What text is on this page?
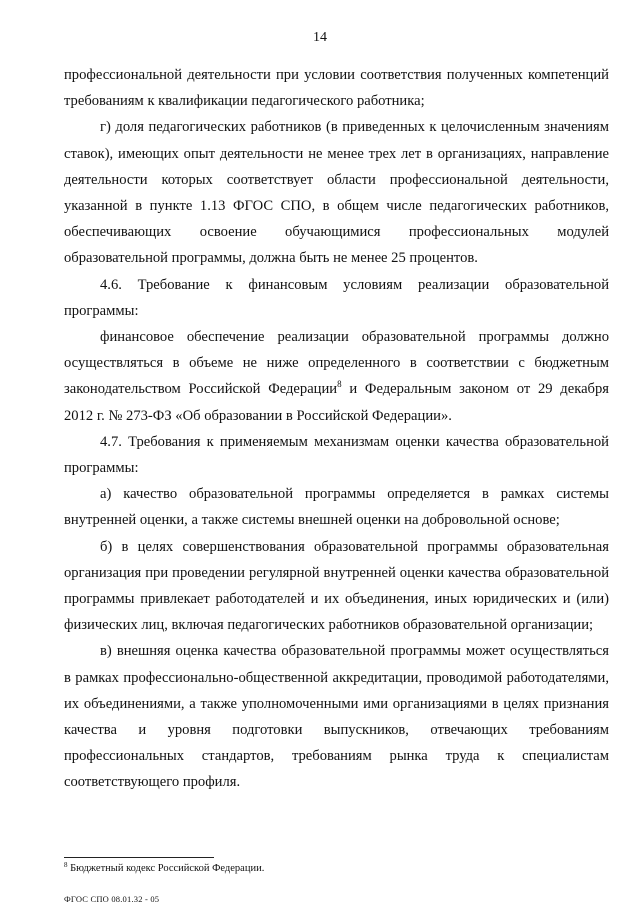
14

профессиональной деятельности при условии соответствия полученных компетенций требованиям к квалификации педагогического работника;

г) доля педагогических работников (в приведенных к целочисленным значениям ставок), имеющих опыт деятельности не менее трех лет в организациях, направление деятельности которых соответствует области профессиональной деятельности, указанной в пункте 1.13 ФГОС СПО, в общем числе педагогических работников, обеспечивающих освоение обучающимися профессиональных модулей образовательной программы, должна быть не менее 25 процентов.

4.6. Требование к финансовым условиям реализации образовательной программы:

финансовое обеспечение реализации образовательной программы должно осуществляться в объеме не ниже определенного в соответствии с бюджетным законодательством Российской Федерации$^8$ и Федеральным законом от 29 декабря 2012 г. № 273-ФЗ «Об образовании в Российской Федерации».

4.7. Требования к применяемым механизмам оценки качества образовательной программы:

а) качество образовательной программы определяется в рамках системы внутренней оценки, а также системы внешней оценки на добровольной основе;

б) в целях совершенствования образовательной программы образовательная организация при проведении регулярной внутренней оценки качества образовательной программы привлекает работодателей и их объединения, иных юридических и (или) физических лиц, включая педагогических работников образовательной организации;

в) внешняя оценка качества образовательной программы может осуществляться в рамках профессионально-общественной аккредитации, проводимой работодателями, их объединениями, а также уполномоченными ими организациями в целях признания качества и уровня подготовки выпускников, отвечающих требованиям профессиональных стандартов, требованиям рынка труда к специалистам соответствующего профиля.

$^8$ Бюджетный кодекс Российской Федерации.
ФГОС СПО 08.01.32 - 05
